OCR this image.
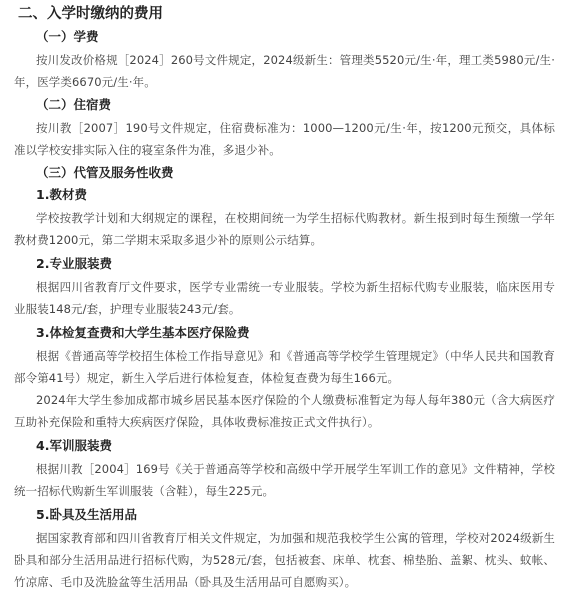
二、入学时缴纳的费用
（一）学费

按川发改价格规［2024］260号文件规定，2024级新生：管理类5520元/生·年，理工类5980元/生·年，医学类6670元/生·年。

（二）住宿费

按川教［2007］190号文件规定，住宿费标准为：1000—1200元/生·年，按1200元预交，具体标准以学校安排实际入住的寝室条件为准，多退少补。

（三）代管及服务性收费
1.教材费

学校按教学计划和大纲规定的课程，在校期间统一为学生招标代购教材。新生报到时每生预缴一学年教材费1200元，第二学期末采取多退少补的原则公示结算。

2.专业服装费

根据四川省教育厅文件要求，医学专业需统一专业服装。学校为新生招标代购专业服装，临床医用专业服装148元/套，护理专业服装243元/套。

3.体检复查费和大学生基本医疗保险费

根据《普通高等学校招生体检工作指导意见》和《普通高等学校学生管理规定》（中华人民共和国教育部令第41号）规定，新生入学后进行体检复查，体检复查费为每生166元。

2024年大学生参加成都市城乡居民基本医疗保险的个人缴费标准暂定为每人每年380元（含大病医疗互助补充保险和重特大疾病医疗保险，具体收费标准按正式文件执行）。

4.军训服装费

根据川教［2004］169号《关于普通高等学校和高级中学开展学生军训工作的意见》文件精神，学校统一招标代购新生军训服装（含鞋），每生225元。

5.卧具及生活用品

据国家教育部和四川省教育厅相关文件规定，为加强和规范我校学生公寓的管理，学校对2024级新生卧具和部分生活用品进行招标代购，为528元/套，包括被套、床单、枕套、棉垫胎、盖絮、枕头、蚊帐、竹凉席、毛巾及洗脸盆等生活用品（卧具及生活用品可自愿购买）。
